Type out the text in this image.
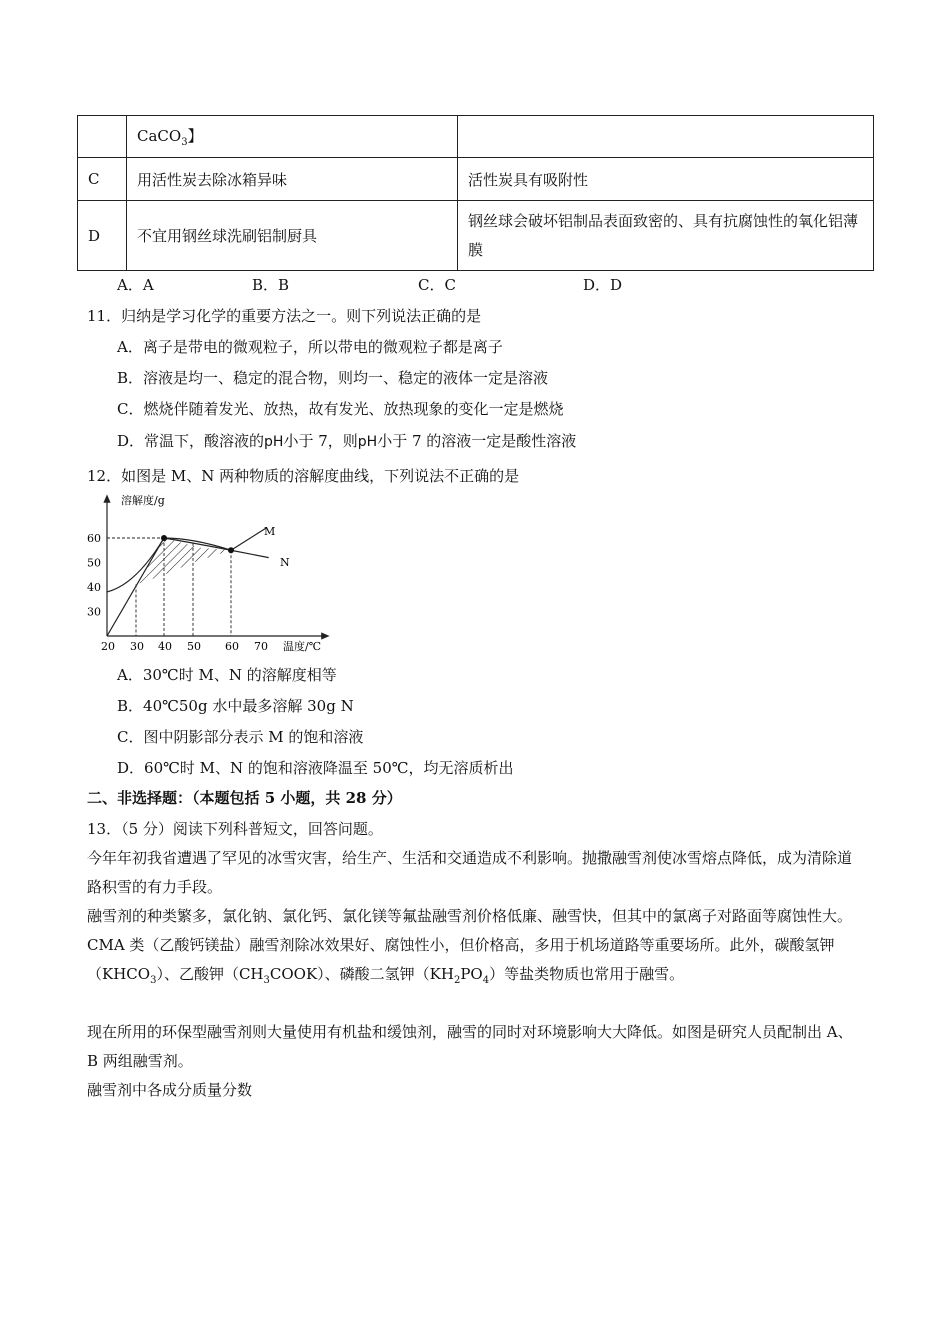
	CaCO$_3$】	
C	用活性炭去除冰箱异味	活性炭具有吸附性
D	不宜用钢丝球洗刷铝制厨具	钢丝球会破坏铝制品表面致密的、具有抗腐蚀性的氧化铝薄膜
A．A	B．B	C．C	D．D
11．归纳是学习化学的重要方法之一。则下列说法正确的是
A．离子是带电的微观粒子，所以带电的微观粒子都是离子
B．溶液是均一、稳定的混合物，则均一、稳定的液体一定是溶液
C．燃烧伴随着发光、放热，故有发光、放热现象的变化一定是燃烧
D．常温下，酸溶液的pH小于 7，则pH小于 7 的溶液一定是酸性溶液
12．如图是 M、N 两种物质的溶解度曲线，下列说法不正确的是
20 30 40 50 60 70
30
40
50
60
溶解度/g
温度/℃
M
N
A．30℃时 M、N 的溶解度相等
B．40℃50g 水中最多溶解 30g N
C．图中阴影部分表示 M 的饱和溶液
D．60℃时 M、N 的饱和溶液降温至 50℃，均无溶质析出
二、非选择题：（本题包括 5 小题，共 28 分）
13．（5 分）阅读下列科普短文，回答问题。
今年年初我省遭遇了罕见的冰雪灾害，给生产、生活和交通造成不利影响。抛撒融雪剂使冰雪熔点降低，成为清除道路积雪的有力手段。
融雪剂的种类繁多，氯化钠、氯化钙、氯化镁等氟盐融雪剂价格低廉、融雪快，但其中的氯离子对路面等腐蚀性大。CMA 类（乙酸钙镁盐）融雪剂除冰效果好、腐蚀性小，但价格高，多用于机场道路等重要场所。此外，碳酸氢钾$(KHCO_3)$、乙酸钾$(CH_3COOK)$、磷酸二氢钾$(KH_2PO_4)$等盐类物质也常用于融雪。
现在所用的环保型融雪剂则大量使用有机盐和缓蚀剂，融雪的同时对环境影响大大降低。如图是研究人员配制出 A、B 两组融雪剂。
融雪剂中各成分质量分数
